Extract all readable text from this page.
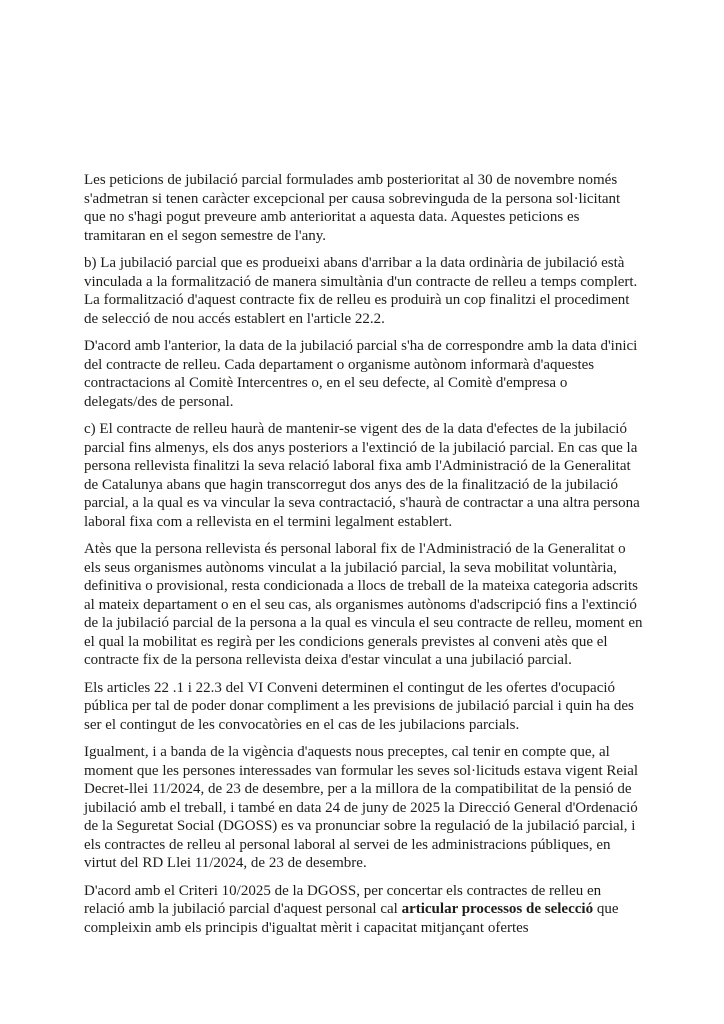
Les peticions de jubilació parcial formulades amb posterioritat al 30 de novembre només s'admetran si tenen caràcter excepcional per causa sobrevinguda de la persona sol·licitant que no s'hagi pogut preveure amb anterioritat a aquesta data. Aquestes peticions es tramitaran en el segon semestre de l'any.

b) La jubilació parcial que es produeixi abans d'arribar a la data ordinària de jubilació està vinculada a la formalització de manera simultània d'un contracte de relleu a temps complert. La formalització d'aquest contracte fix de relleu es produirà un cop finalitzi el procediment de selecció de nou accés establert en l'article 22.2.

D'acord amb l'anterior, la data de la jubilació parcial s'ha de correspondre amb la data d'inici del contracte de relleu. Cada departament o organisme autònom informarà d'aquestes contractacions al Comitè Intercentres o, en el seu defecte, al Comitè d'empresa o delegats/des de personal.

c) El contracte de relleu haurà de mantenir-se vigent des de la data d'efectes de la jubilació parcial fins almenys, els dos anys posteriors a l'extinció de la jubilació parcial. En cas que la persona rellevista finalitzi la seva relació laboral fixa amb l'Administració de la Generalitat de Catalunya abans que hagin transcorregut dos anys des de la finalització de la jubilació parcial, a la qual es va vincular la seva contractació, s'haurà de contractar a una altra persona laboral fixa com a rellevista en el termini legalment establert.

Atès que la persona rellevista és personal laboral fix de l'Administració de la Generalitat o els seus organismes autònoms vinculat a la jubilació parcial, la seva mobilitat voluntària, definitiva o provisional, resta condicionada a llocs de treball de la mateixa categoria adscrits al mateix departament o en el seu cas, als organismes autònoms d'adscripció fins a l'extinció de la jubilació parcial de la persona a la qual es vincula el seu contracte de relleu, moment en el qual la mobilitat es regirà per les condicions generals previstes al conveni atès que el contracte fix de la persona rellevista deixa d'estar vinculat a una jubilació parcial.

Els articles 22 .1 i 22.3 del VI Conveni determinen el contingut de les ofertes d'ocupació pública per tal de poder donar compliment a les previsions de jubilació parcial i quin ha des ser el contingut de les convocatòries en el cas de les jubilacions parcials.

Igualment, i a banda de la vigència d'aquests nous preceptes, cal tenir en compte que, al moment que les persones interessades van formular les seves sol·licituds estava vigent Reial Decret-llei 11/2024, de 23 de desembre, per a la millora de la compatibilitat de la pensió de jubilació amb el treball, i també en data 24 de juny de 2025 la Direcció General d'Ordenació de la Seguretat Social (DGOSS) es va pronunciar sobre la regulació de la jubilació parcial, i els contractes de relleu al personal laboral al servei de les administracions públiques, en virtut del RD Llei 11/2024, de 23 de desembre.

D'acord amb el Criteri 10/2025 de la DGOSS, per concertar els contractes de relleu en relació amb la jubilació parcial d'aquest personal cal articular processos de selecció que compleixin amb els principis d'igualtat mèrit i capacitat mitjançant ofertes
